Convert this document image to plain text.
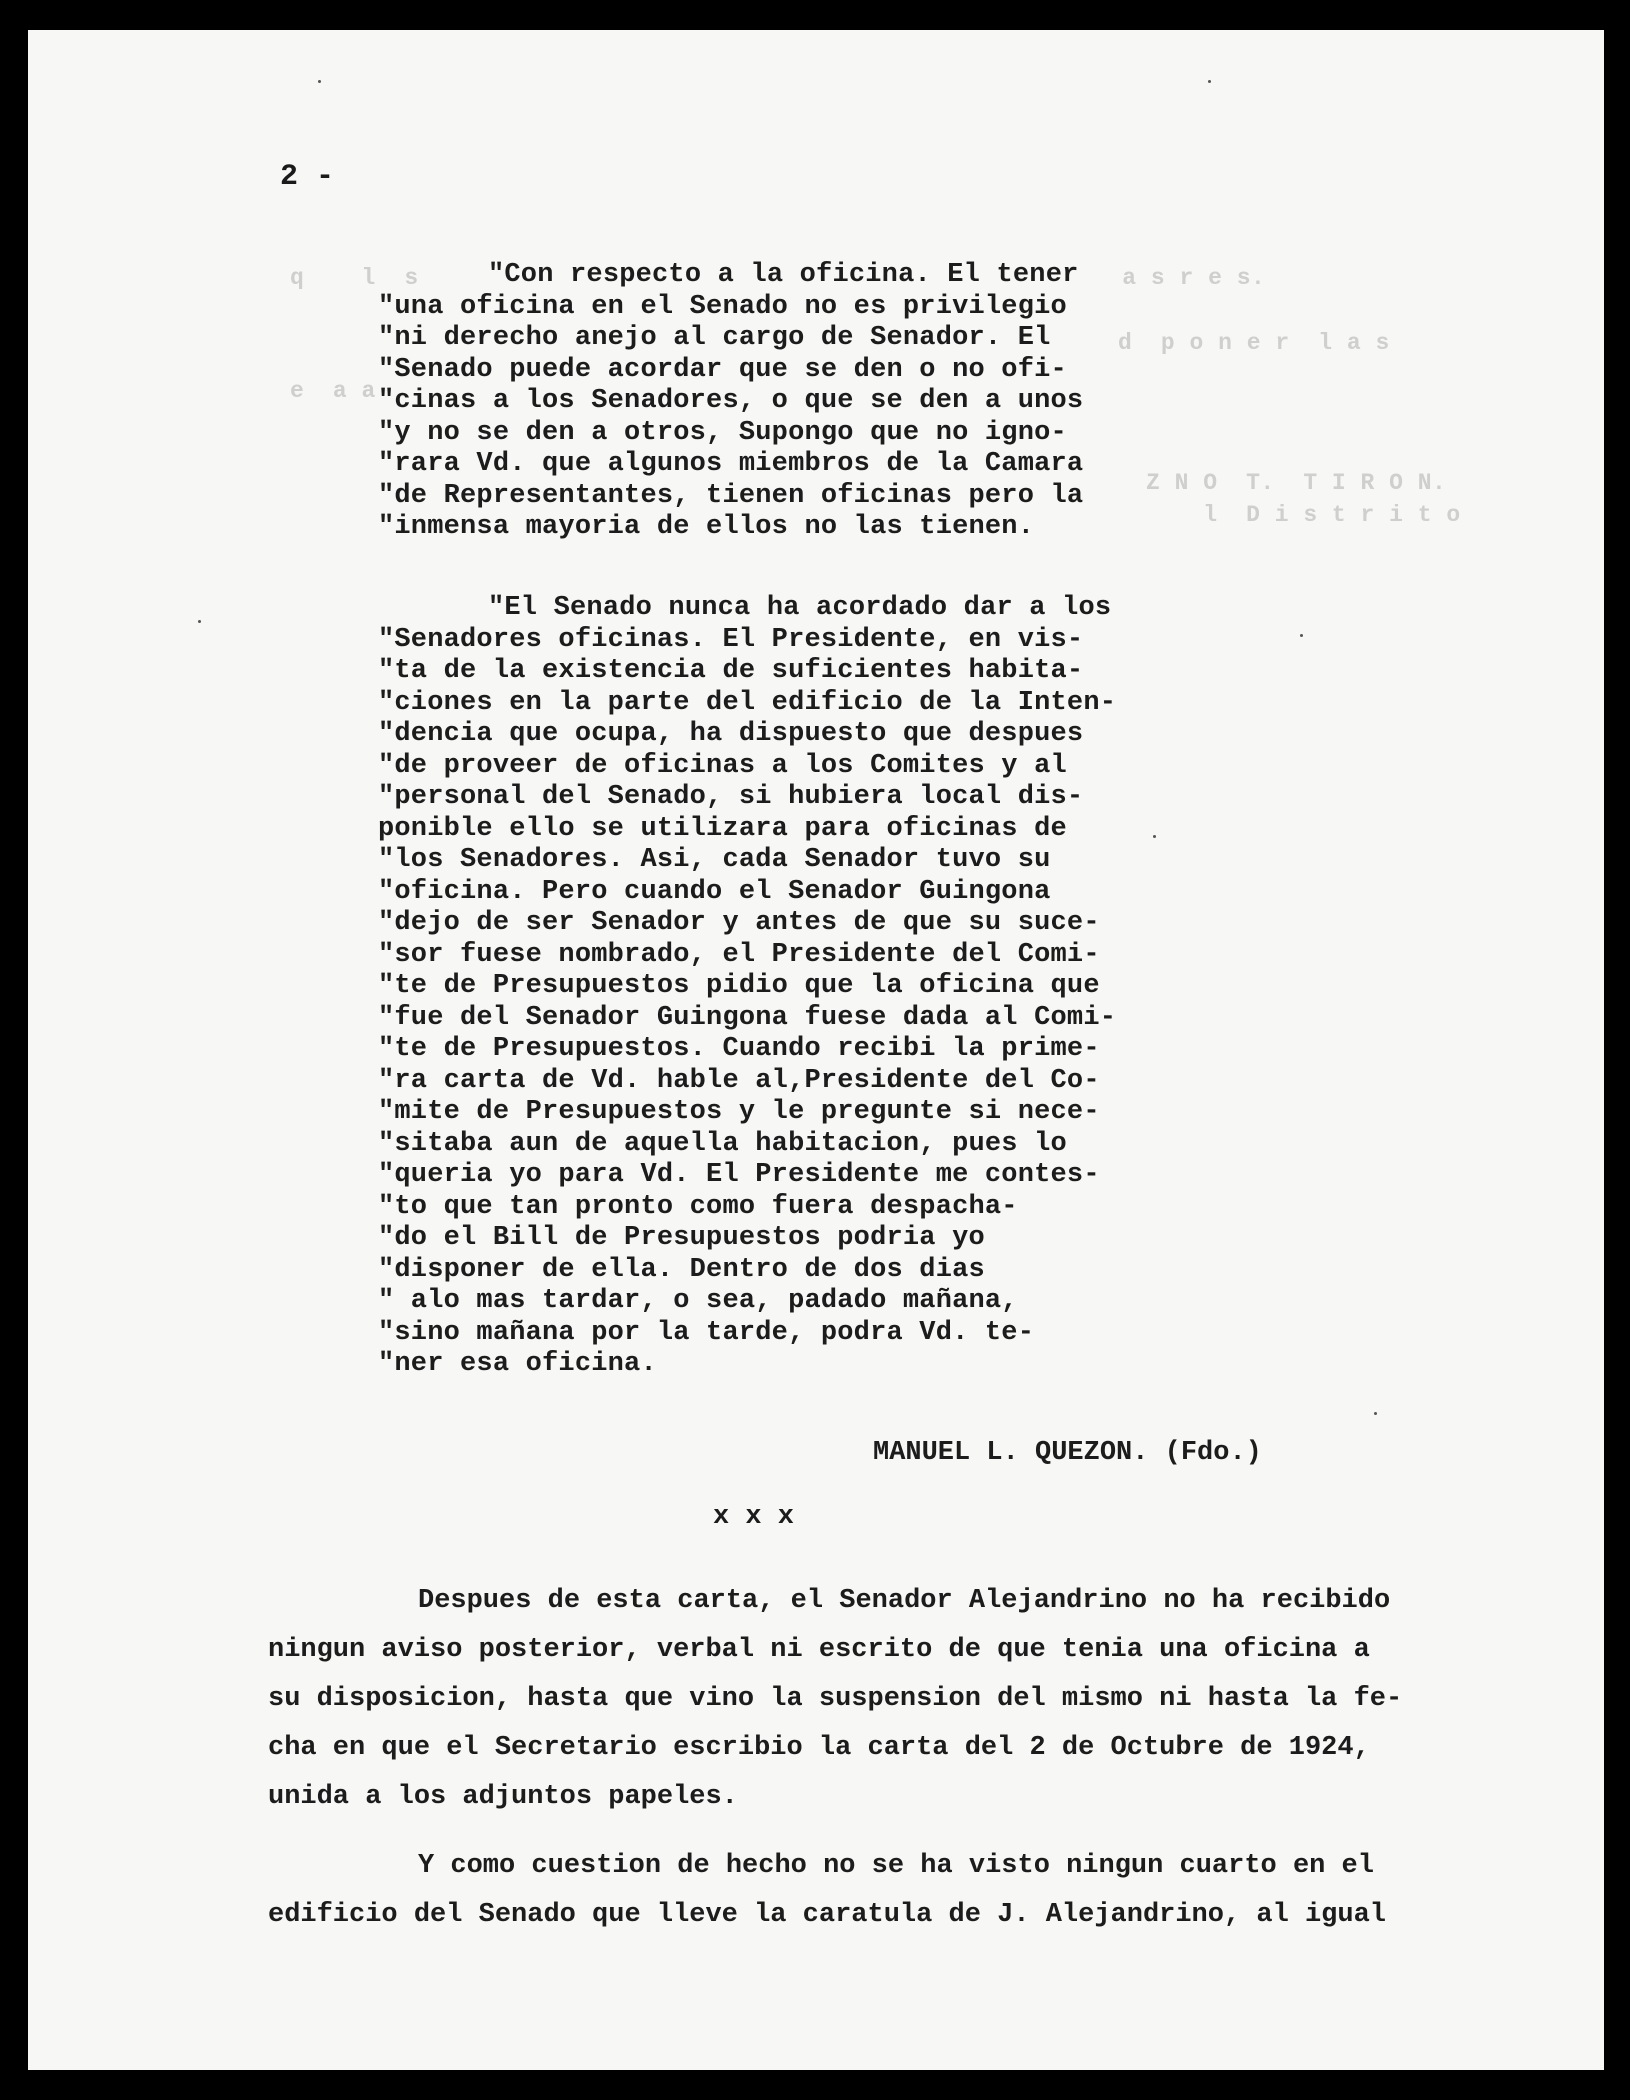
q    l  s	a s r e s.
d  p o n e r  l a s
e  a a
Z N O  T.  T I R O N.
l  D i s t r i t o
2 -
"Con respecto a la oficina. El tener
"una oficina en el Senado no es privilegio
"ni derecho anejo al cargo de Senador. El
"Senado puede acordar que se den o no ofi-
"cinas a los Senadores, o que se den a unos
"y no se den a otros, Supongo que no igno-
"rara Vd. que algunos miembros de la Camara
"de Representantes, tienen oficinas pero la
"inmensa mayoria de ellos no las tienen.
"El Senado nunca ha acordado dar a los
"Senadores oficinas. El Presidente, en vis-
"ta de la existencia de suficientes habita-
"ciones en la parte del edificio de la Inten-
"dencia que ocupa, ha dispuesto que despues
"de proveer de oficinas a los Comites y al
"personal del Senado, si hubiera local dis-
ponible ello se utilizara para oficinas de
"los Senadores. Asi, cada Senador tuvo su
"oficina. Pero cuando el Senador Guingona
"dejo de ser Senador y antes de que su suce-
"sor fuese nombrado, el Presidente del Comi-
"te de Presupuestos pidio que la oficina que
"fue del Senador Guingona fuese dada al Comi-
"te de Presupuestos. Cuando recibi la prime-
"ra carta de Vd. hable al,Presidente del Co-
"mite de Presupuestos y le pregunte si nece-
"sitaba aun de aquella habitacion, pues lo
"queria yo para Vd. El Presidente me contes-
"to que tan pronto como fuera despacha-
"do el Bill de Presupuestos podria yo
"disponer de ella. Dentro de dos dias
" alo mas tardar, o sea, padado mañana,
"sino mañana por la tarde, podra Vd. te-
"ner esa oficina.
MANUEL L. QUEZON. (Fdo.)
x x x
Despues de esta carta, el Senador Alejandrino no ha recibido
ningun aviso posterior, verbal ni escrito de que tenia una oficina a
su disposicion, hasta que vino la suspension del mismo ni hasta la fe-
cha en que el Secretario escribio la carta del 2 de Octubre de 1924,
unida a los adjuntos papeles.
Y como cuestion de hecho no se ha visto ningun cuarto en el
edificio del Senado que lleve la caratula de J. Alejandrino, al igual
